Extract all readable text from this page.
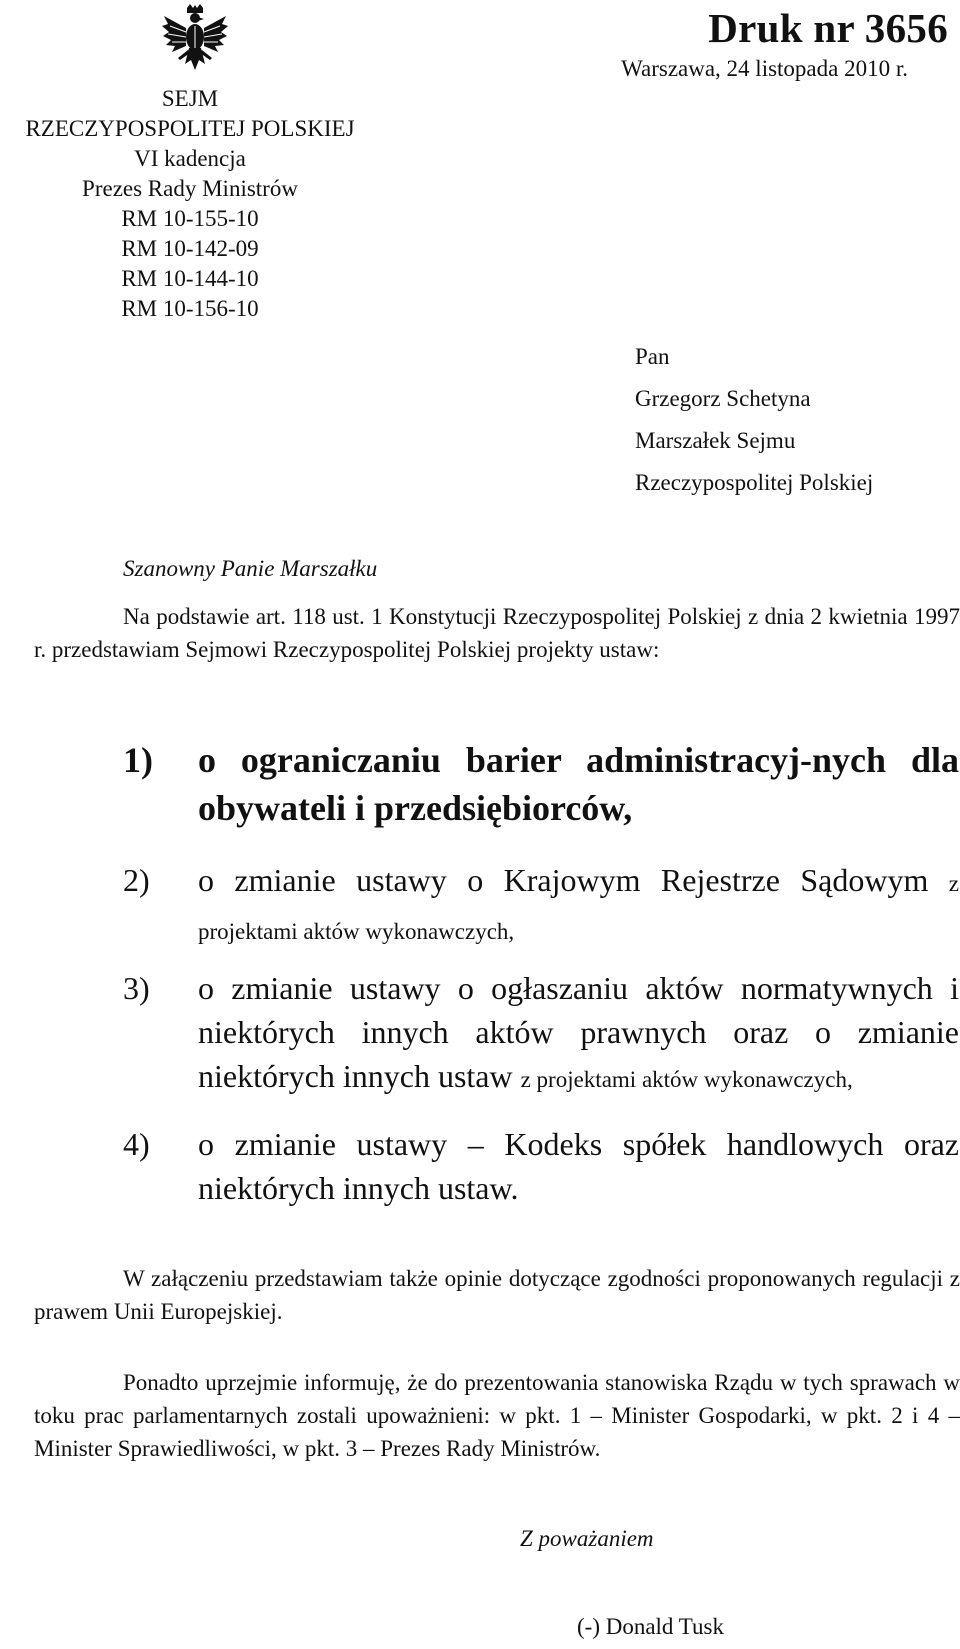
SEJM
RZECZYPOSPOLITEJ POLSKIEJ
VI kadencja
Prezes Rady Ministrów
RM 10-155-10
RM 10-142-09
RM 10-144-10
RM 10-156-10
Druk nr 3656
Warszawa, 24 listopada 2010 r.
Pan
Grzegorz Schetyna
Marszałek Sejmu
Rzeczypospolitej Polskiej
Szanowny Panie Marszałku
Na podstawie art. 118 ust. 1 Konstytucji Rzeczypospolitej Polskiej z dnia 2 kwietnia 1997 r. przedstawiam Sejmowi Rzeczypospolitej Polskiej projekty ustaw:
1) o ograniczaniu barier administracyj-nych dla obywateli i przedsiębiorców,
2) o zmianie ustawy o Krajowym Rejestrze Sądowym z projektami aktów wykonawczych,
3) o zmianie ustawy o ogłaszaniu aktów normatywnych i niektórych innych aktów prawnych oraz o zmianie niektórych innych ustaw z projektami aktów wykonawczych,
4) o zmianie ustawy – Kodeks spółek handlowych oraz niektórych innych ustaw.
W załączeniu przedstawiam także opinie dotyczące zgodności proponowanych regulacji z prawem Unii Europejskiej.
Ponadto uprzejmie informuję, że do prezentowania stanowiska Rządu w tych sprawach w toku prac parlamentarnych zostali upoważnieni: w pkt. 1 – Minister Gospodarki, w pkt. 2 i 4 – Minister Sprawiedliwości, w pkt. 3 – Prezes Rady Ministrów.
Z poważaniem
(-) Donald Tusk
